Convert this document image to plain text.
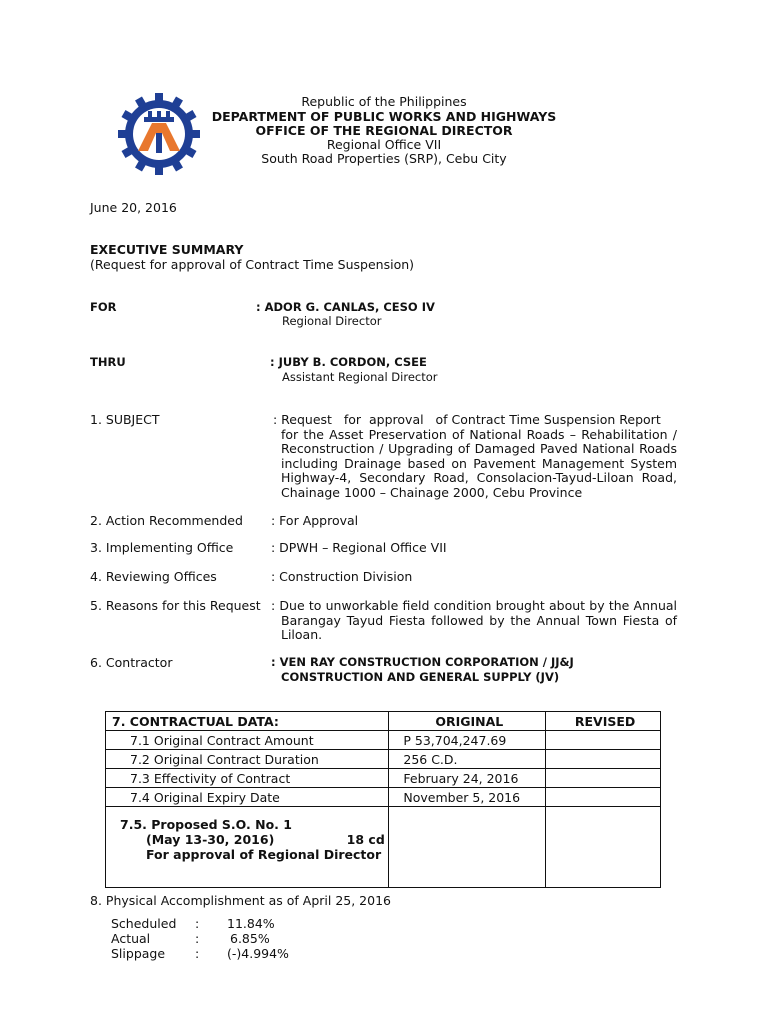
Republic of the Philippines
DEPARTMENT OF PUBLIC WORKS AND HIGHWAYS
OFFICE OF THE REGIONAL DIRECTOR
Regional Office VII
South Road Properties (SRP), Cebu City
June 20, 2016
EXECUTIVE SUMMARY
(Request for approval of Contract Time Suspension)
FOR	: ADOR G. CANLAS, CESO IV
Regional Director
THRU	: JUBY B. CORDON, CSEE
Assistant Regional Director
1. SUBJECT	: Request   for  approval   of Contract Time Suspension Report
for the Asset Preservation of National Roads – Rehabilitation /
Reconstruction / Upgrading of Damaged Paved National Roads
including Drainage based on Pavement Management System
Highway-4, Secondary Road, Consolacion-Tayud-Liloan Road,
Chainage 1000 – Chainage 2000, Cebu Province
2. Action Recommended : For Approval
3. Implementing Office	: DPWH – Regional Office VII
4. Reviewing Offices	: Construction Division
5. Reasons for this Request : Due to unworkable field condition brought about by the Annual
Barangay Tayud Fiesta followed by the Annual Town Fiesta of
Liloan.
6. Contractor	: VEN RAY CONSTRUCTION CORPORATION / JJ&J
CONSTRUCTION AND GENERAL SUPPLY (JV)
7. CONTRACTUAL DATA:	ORIGINAL	REVISED
7.1 Original Contract Amount	P 53,704,247.69	
7.2 Original Contract Duration	256 C.D.	
7.3 Effectivity of Contract	February 24, 2016	
7.4 Original Expiry Date	November 5, 2016	

7.5. Proposed S.O. No. 1
(May 13-30, 2016) 18 cd
For approval of Regional Director		

8. Physical Accomplishment as of April 25, 2016
Scheduled : 11.84%
Actual	: 6.85%
Slippage : (-)4.994%
